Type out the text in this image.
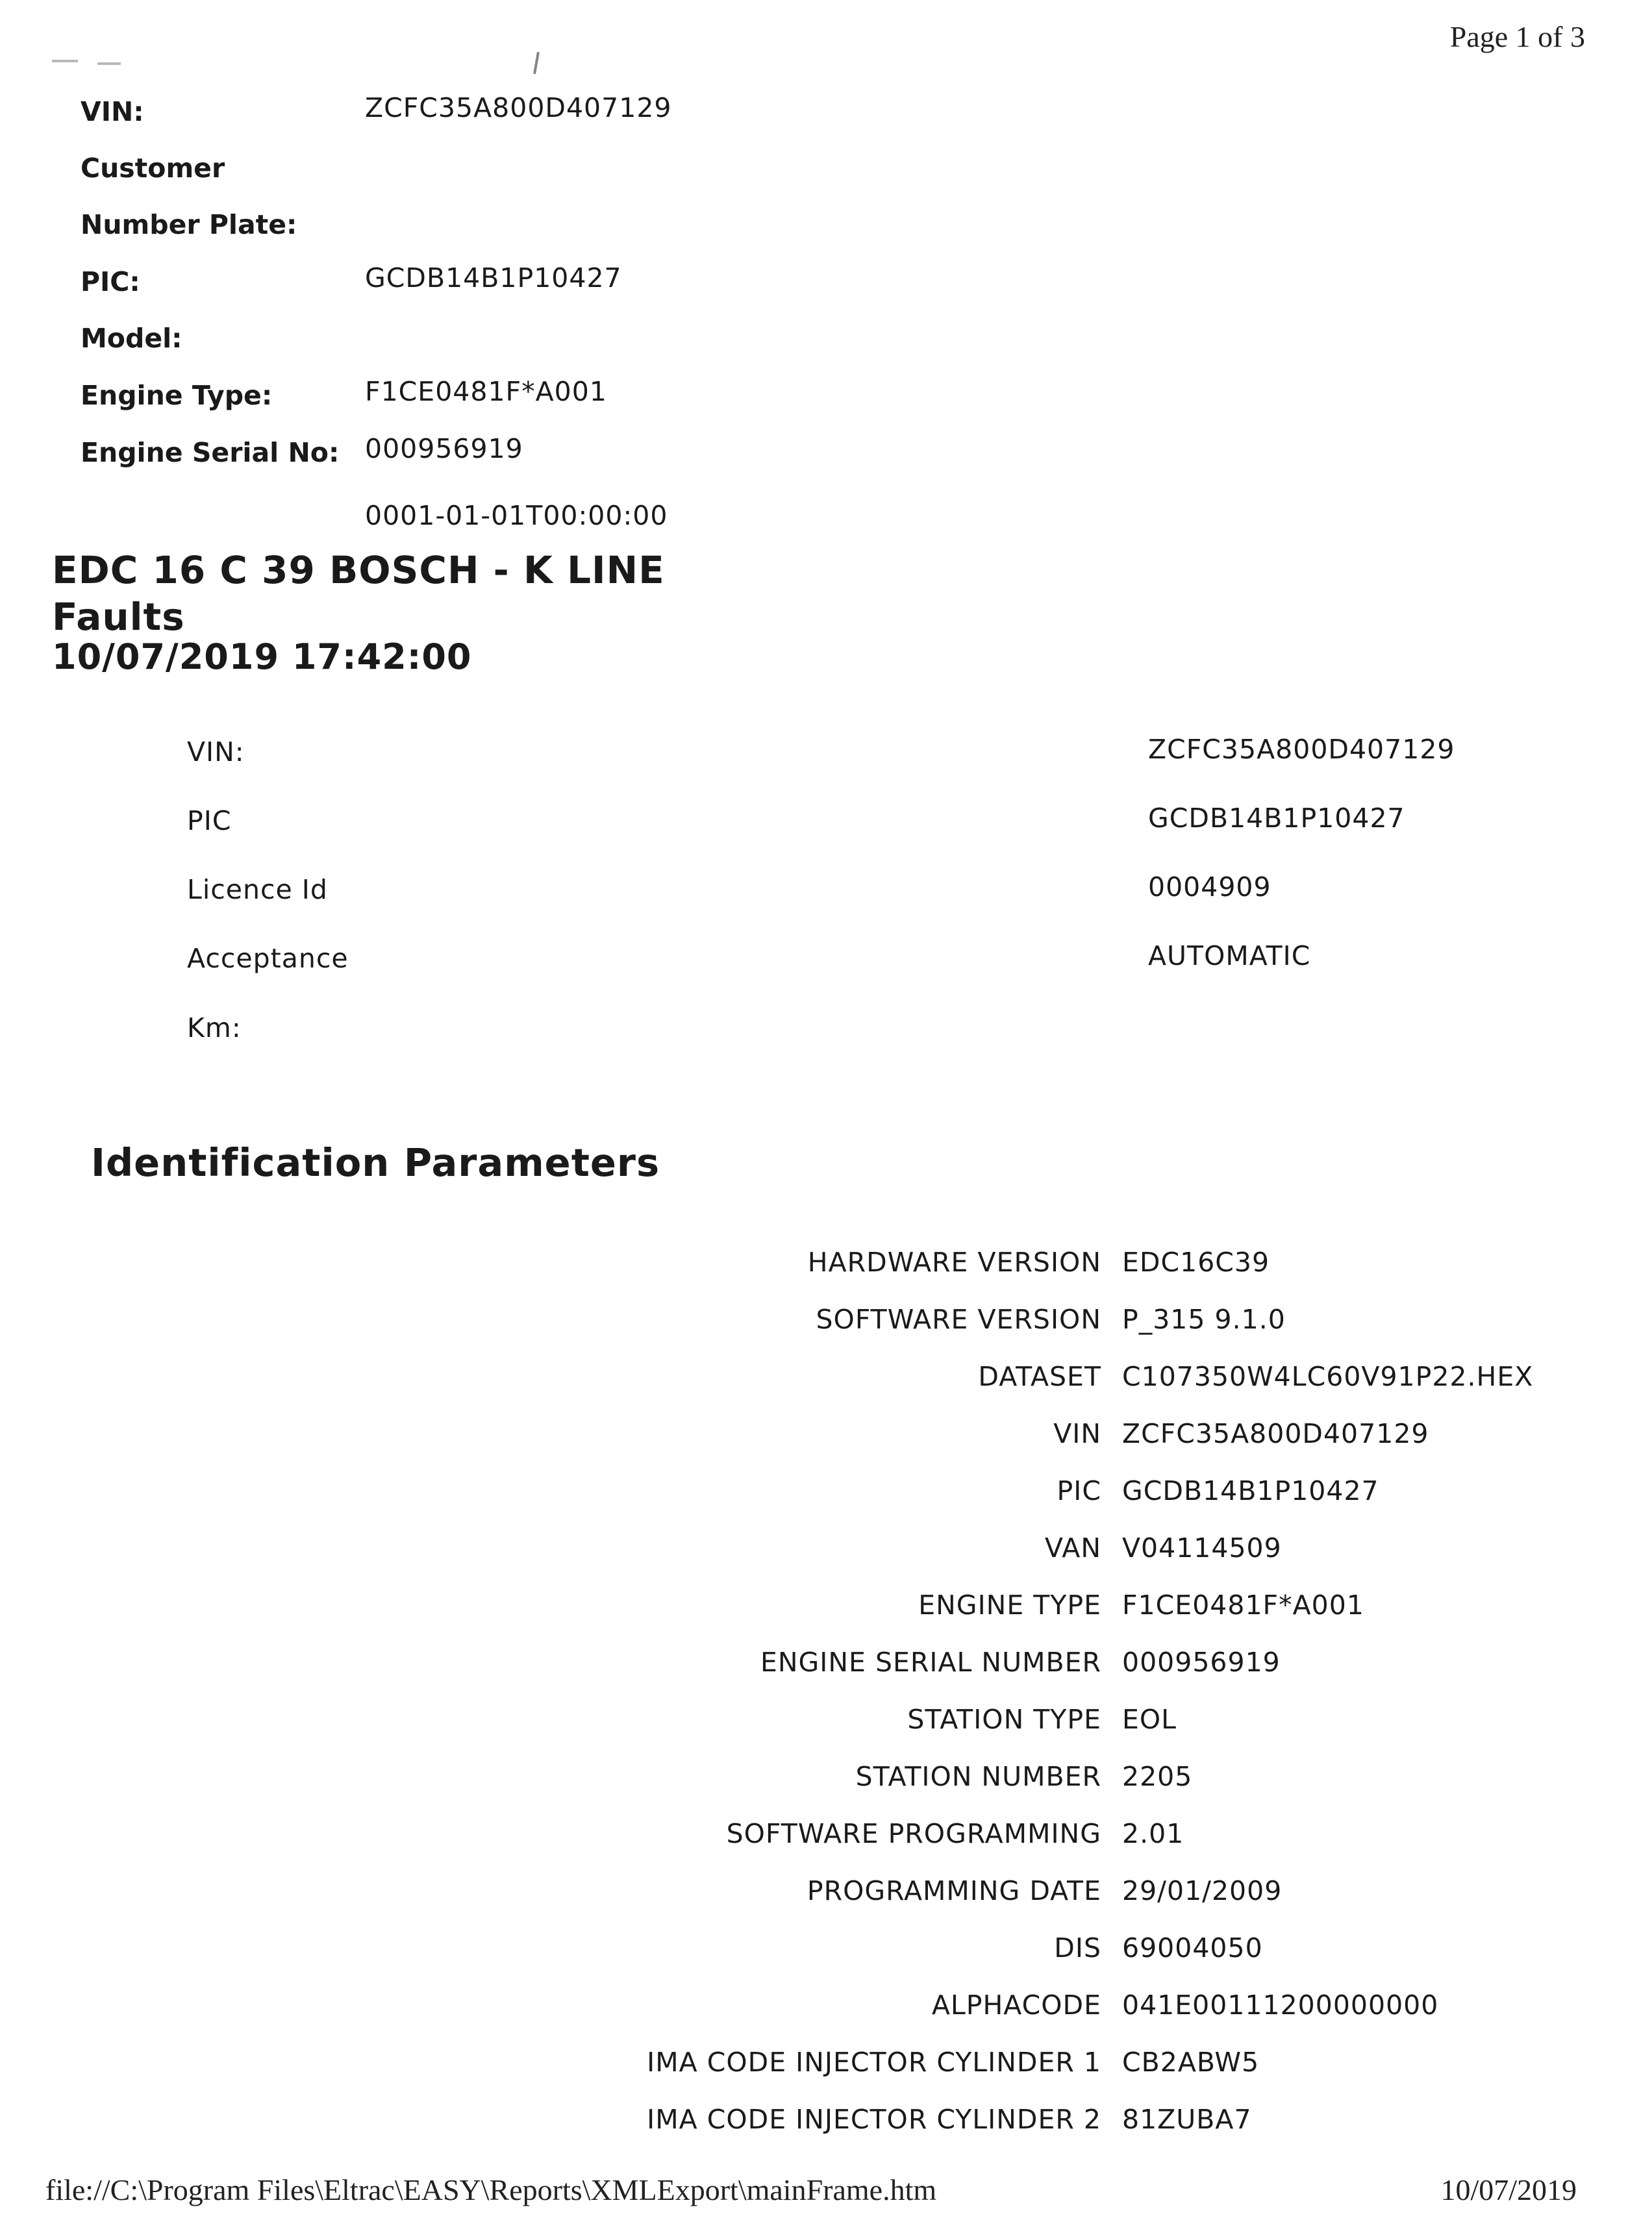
Page 1 of 3
VIN:	ZCFC35A800D407129
Customer
Number Plate:
PIC:	GCDB14B1P10427
Model:
Engine Type:	F1CE0481F*A001
Engine Serial No: 000956919
0001-01-01T00:00:00
EDC 16 C 39 BOSCH - K LINE
Faults
10/07/2019 17:42:00
VIN:	ZCFC35A800D407129
PIC	GCDB14B1P10427
Licence Id	0004909
Acceptance	AUTOMATIC
Km:
Identification Parameters
HARDWARE VERSION EDC16C39
SOFTWARE VERSION P_315 9.1.0
DATASET C107350W4LC60V91P22.HEX
VIN ZCFC35A800D407129
PIC GCDB14B1P10427
VAN V04114509
ENGINE TYPE F1CE0481F*A001
ENGINE SERIAL NUMBER 000956919
STATION TYPE EOL
STATION NUMBER 2205
SOFTWARE PROGRAMMING 2.01
PROGRAMMING DATE 29/01/2009
DIS 69004050
ALPHACODE 041E00111200000000
IMA CODE INJECTOR CYLINDER 1 CB2ABW5
IMA CODE INJECTOR CYLINDER 2 81ZUBA7
file://C:\Program Files\Eltrac\EASY\Reports\XMLExport\mainFrame.htm	10/07/2019
